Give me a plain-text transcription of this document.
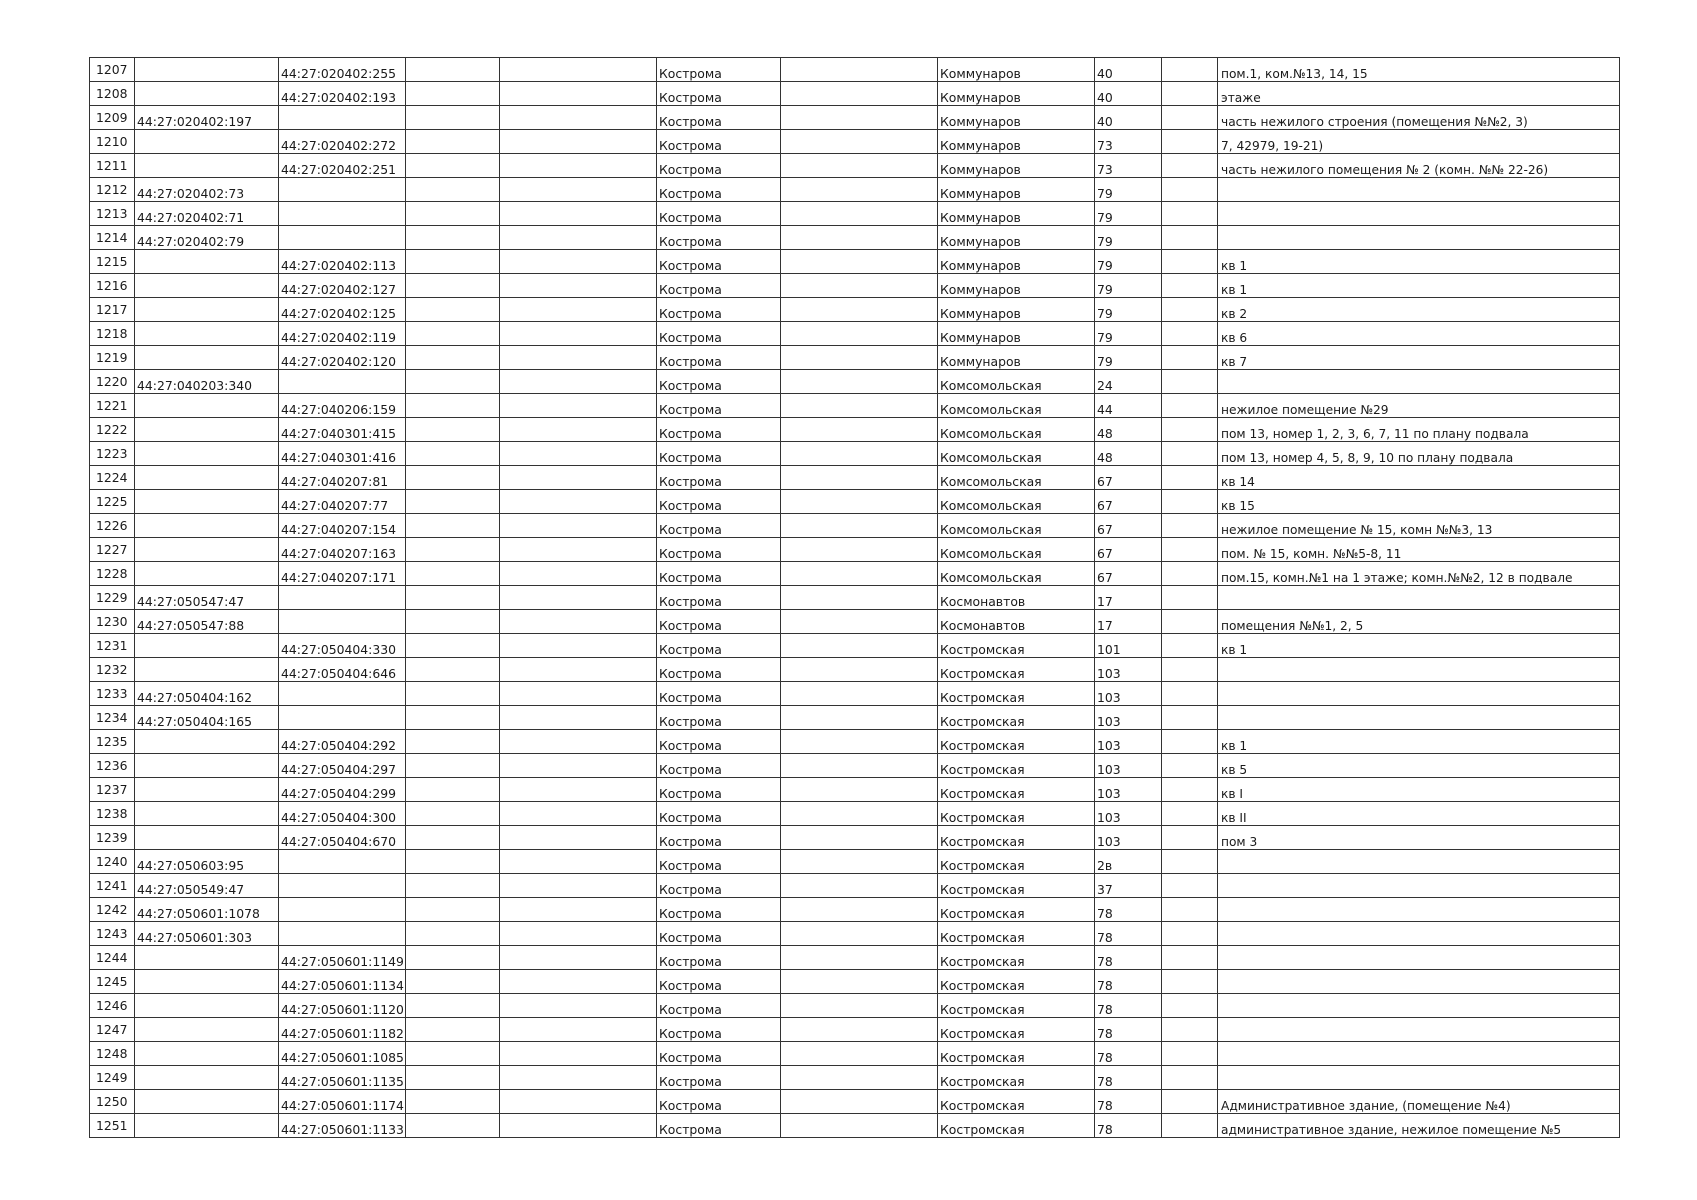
1207		44:27:020402:255			Кострома		Коммунаров	40		пом.1, ком.№13, 14, 15
1208		44:27:020402:193			Кострома		Коммунаров	40		этаже
1209	44:27:020402:197				Кострома		Коммунаров	40		часть нежилого строения (помещения №№2, 3)
1210		44:27:020402:272			Кострома		Коммунаров	73		7, 42979, 19-21)
1211		44:27:020402:251			Кострома		Коммунаров	73		часть нежилого помещения № 2 (комн. №№ 22-26)
1212	44:27:020402:73				Кострома		Коммунаров	79		
1213	44:27:020402:71				Кострома		Коммунаров	79		
1214	44:27:020402:79				Кострома		Коммунаров	79		
1215		44:27:020402:113			Кострома		Коммунаров	79		кв 1
1216		44:27:020402:127			Кострома		Коммунаров	79		кв 1
1217		44:27:020402:125			Кострома		Коммунаров	79		кв 2
1218		44:27:020402:119			Кострома		Коммунаров	79		кв 6
1219		44:27:020402:120			Кострома		Коммунаров	79		кв 7
1220	44:27:040203:340				Кострома		Комсомольская	24		
1221		44:27:040206:159			Кострома		Комсомольская	44		нежилое помещение №29
1222		44:27:040301:415			Кострома		Комсомольская	48		пом 13, номер 1, 2, 3, 6, 7, 11 по плану подвала
1223		44:27:040301:416			Кострома		Комсомольская	48		пом 13, номер 4, 5, 8, 9, 10 по плану подвала
1224		44:27:040207:81			Кострома		Комсомольская	67		кв 14
1225		44:27:040207:77			Кострома		Комсомольская	67		кв 15
1226		44:27:040207:154			Кострома		Комсомольская	67		нежилое помещение № 15, комн №№3, 13
1227		44:27:040207:163			Кострома		Комсомольская	67		пом. № 15, комн. №№5-8, 11
1228		44:27:040207:171			Кострома		Комсомольская	67		пом.15, комн.№1 на 1 этаже; комн.№№2, 12 в подвале
1229	44:27:050547:47				Кострома		Космонавтов	17		
1230	44:27:050547:88				Кострома		Космонавтов	17		помещения №№1, 2, 5
1231		44:27:050404:330			Кострома		Костромская	101		кв 1
1232		44:27:050404:646			Кострома		Костромская	103		
1233	44:27:050404:162				Кострома		Костромская	103		
1234	44:27:050404:165				Кострома		Костромская	103		
1235		44:27:050404:292			Кострома		Костромская	103		кв 1
1236		44:27:050404:297			Кострома		Костромская	103		кв 5
1237		44:27:050404:299			Кострома		Костромская	103		кв I
1238		44:27:050404:300			Кострома		Костромская	103		кв II
1239		44:27:050404:670			Кострома		Костромская	103		пом 3
1240	44:27:050603:95				Кострома		Костромская	2в		
1241	44:27:050549:47				Кострома		Костромская	37		
1242	44:27:050601:1078				Кострома		Костромская	78		
1243	44:27:050601:303				Кострома		Костромская	78		
1244		44:27:050601:1149			Кострома		Костромская	78		
1245		44:27:050601:1134			Кострома		Костромская	78		
1246		44:27:050601:1120			Кострома		Костромская	78		
1247		44:27:050601:1182			Кострома		Костромская	78		
1248		44:27:050601:1085			Кострома		Костромская	78		
1249		44:27:050601:1135			Кострома		Костромская	78		
1250		44:27:050601:1174			Кострома		Костромская	78		Административное здание, (помещение №4)
1251		44:27:050601:1133			Кострома		Костромская	78		административное здание, нежилое помещение №5
